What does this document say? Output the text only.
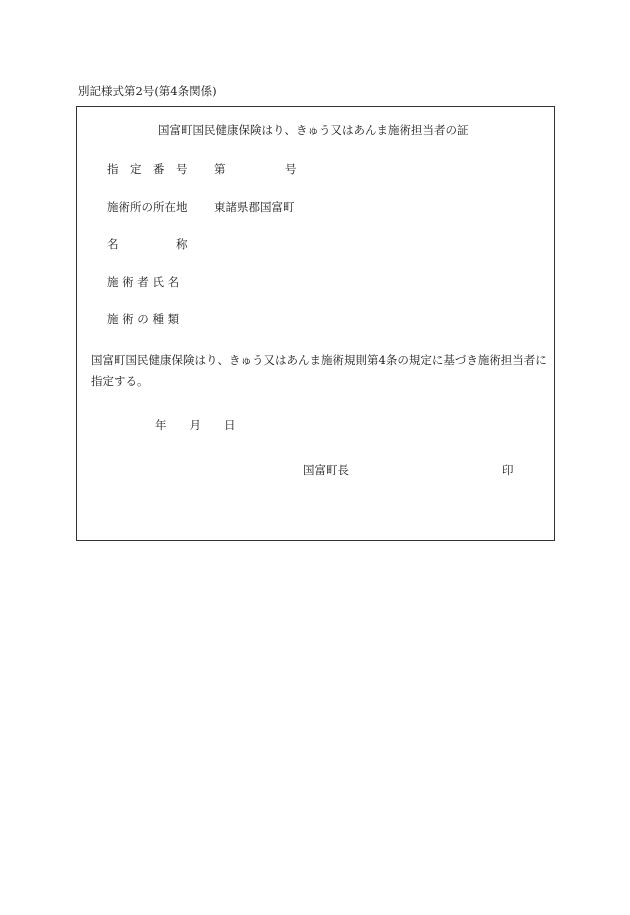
別記様式第2号(第4条関係)
国富町国民健康保険はり、きゅう又はあんま施術担当者の証
指　定　番　号 第	号
施術所の所在地 東諸県郡国富町
名　　　　　称
施 術 者 氏 名
施 術 の 種 類
国富町国民健康保険はり、きゅう又はあんま施術規則第4条の規定に基づき施術担当者に指定する。
年　　月　　日
国富町長	印
